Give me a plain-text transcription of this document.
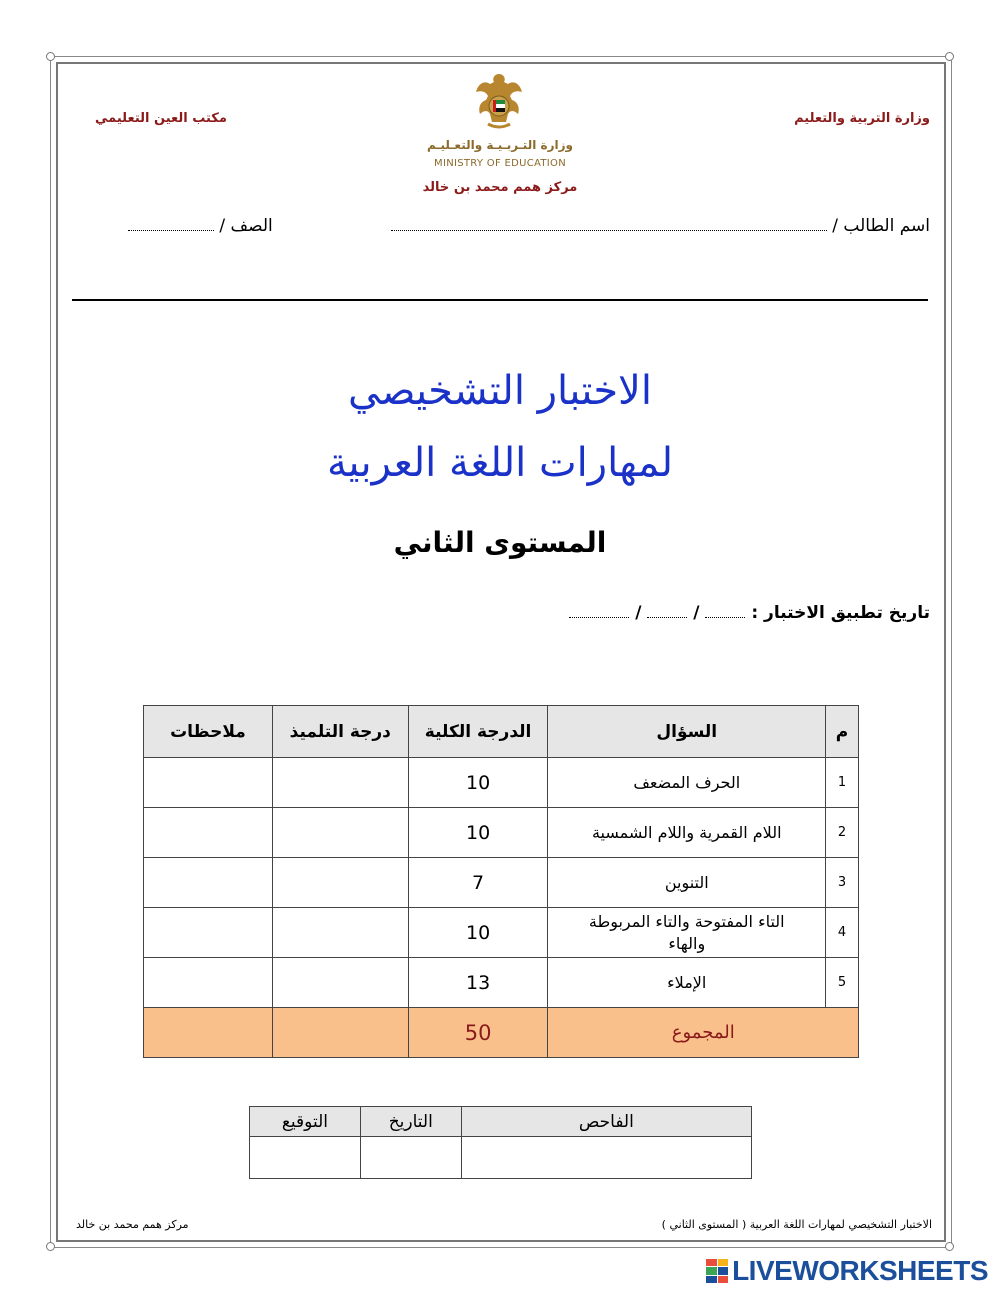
وزارة التربية والتعليم
مكتب العين التعليمي
وزارة التـربـيـة والتعـليـم
MINISTRY OF EDUCATION
مركز همم محمد بن خالد
اسم الطالب /
الصف /
الاختبار التشخيصي
لمهارات اللغة العربية
المستوى الثاني
تاريخ تطبيق الاختبار :  /  /
م	السؤال	الدرجة الكلية	درجة التلميذ	ملاحظات
1	الحرف المضعف	10		
2	اللام القمرية واللام الشمسية	10		
3	التنوين	7		
4	التاء المفتوحة والتاء المربوطة والهاء	10		
5	الإملاء	13		
المجموع		50		
الفاحص	التاريخ	التوقيع

الاختبار التشخيصي لمهارات اللغة العربية ( المستوى الثاني )
مركز همم محمد بن خالد
LIVEWORKSHEETS
